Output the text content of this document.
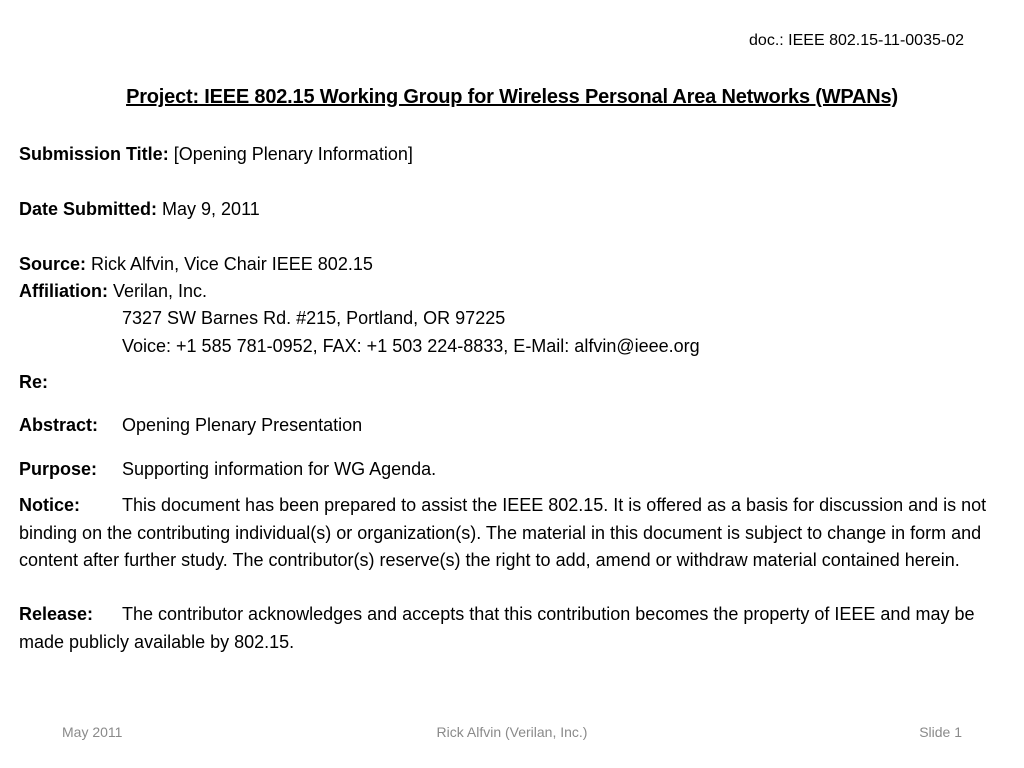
doc.: IEEE 802.15-11-0035-02
Project: IEEE 802.15 Working Group for Wireless Personal Area Networks (WPANs)
Submission Title: [Opening Plenary Information]
Date Submitted: May 9, 2011
Source: Rick Alfvin, Vice Chair IEEE 802.15
Affiliation: Verilan, Inc.
7327 SW Barnes Rd. #215, Portland, OR 97225
Voice: +1 585 781-0952, FAX: +1 503 224-8833, E-Mail: alfvin@ieee.org
Re:
Abstract: Opening Plenary Presentation
Purpose: Supporting information for WG Agenda.
Notice: This document has been prepared to assist the IEEE 802.15. It is offered as a basis for discussion and is not binding on the contributing individual(s) or organization(s). The material in this document is subject to change in form and content after further study. The contributor(s) reserve(s) the right to add, amend or withdraw material contained herein.
Release: The contributor acknowledges and accepts that this contribution becomes the property of IEEE and may be made publicly available by 802.15.
May 2011	Rick Alfvin (Verilan, Inc.)	Slide 1
